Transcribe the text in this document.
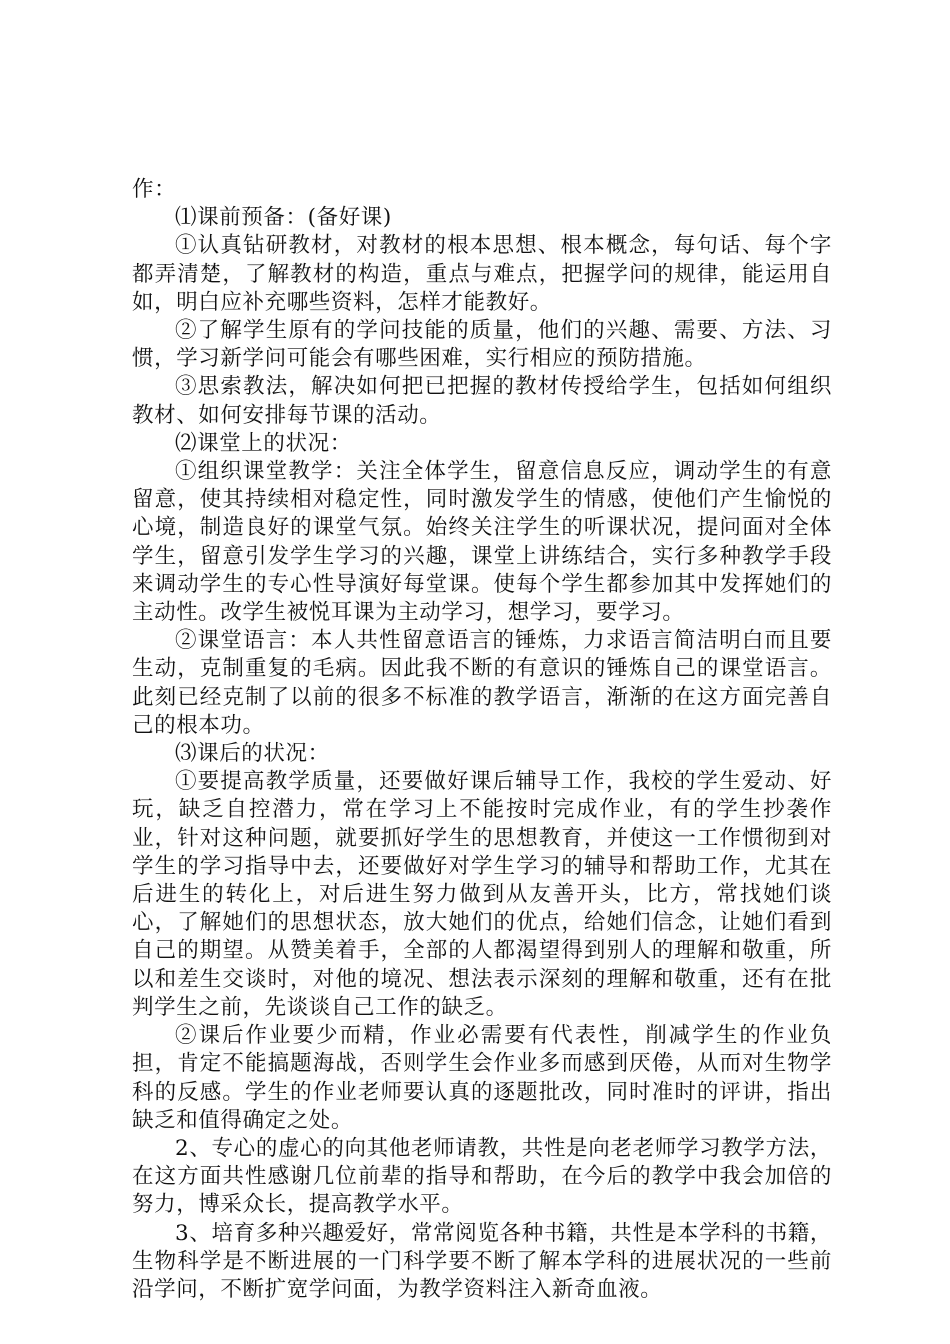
作：

⑴课前预备：(备好课)

①认真钻研教材，对教材的根本思想、根本概念，每句话、每个字都弄清楚，了解教材的构造，重点与难点，把握学问的规律，能运用自如，明白应补充哪些资料，怎样才能教好。

②了解学生原有的学问技能的质量，他们的兴趣、需要、方法、习惯，学习新学问可能会有哪些困难，实行相应的预防措施。

③思索教法，解决如何把已把握的教材传授给学生，包括如何组织教材、如何安排每节课的活动。

⑵课堂上的状况：

①组织课堂教学：关注全体学生，留意信息反应，调动学生的有意留意，使其持续相对稳定性，同时激发学生的情感，使他们产生愉悦的心境，制造良好的课堂气氛。始终关注学生的听课状况，提问面对全体学生，留意引发学生学习的兴趣，课堂上讲练结合，实行多种教学手段来调动学生的专心性导演好每堂课。使每个学生都参加其中发挥她们的主动性。改学生被悦耳课为主动学习，想学习，要学习。

②课堂语言：本人共性留意语言的锤炼，力求语言简洁明白而且要生动，克制重复的毛病。因此我不断的有意识的锤炼自己的课堂语言。此刻已经克制了以前的很多不标准的教学语言，渐渐的在这方面完善自己的根本功。

⑶课后的状况：

①要提高教学质量，还要做好课后辅导工作，我校的学生爱动、好玩，缺乏自控潜力，常在学习上不能按时完成作业，有的学生抄袭作业，针对这种问题，就要抓好学生的思想教育，并使这一工作惯彻到对学生的学习指导中去，还要做好对学生学习的辅导和帮助工作，尤其在后进生的转化上，对后进生努力做到从友善开头，比方，常找她们谈心，了解她们的思想状态，放大她们的优点，给她们信念，让她们看到自己的期望。从赞美着手，全部的人都渴望得到别人的理解和敬重，所以和差生交谈时，对他的境况、想法表示深刻的理解和敬重，还有在批判学生之前，先谈谈自己工作的缺乏。

②课后作业要少而精，作业必需要有代表性，削减学生的作业负担，肯定不能搞题海战，否则学生会作业多而感到厌倦，从而对生物学科的反感。学生的作业老师要认真的逐题批改，同时准时的评讲，指出缺乏和值得确定之处。

2、专心的虚心的向其他老师请教，共性是向老老师学习教学方法，在这方面共性感谢几位前辈的指导和帮助，在今后的教学中我会加倍的努力，博采众长，提高教学水平。

3、培育多种兴趣爱好，常常阅览各种书籍，共性是本学科的书籍，生物科学是不断进展的一门科学要不断了解本学科的进展状况的一些前沿学问，不断扩宽学问面，为教学资料注入新奇血液。
